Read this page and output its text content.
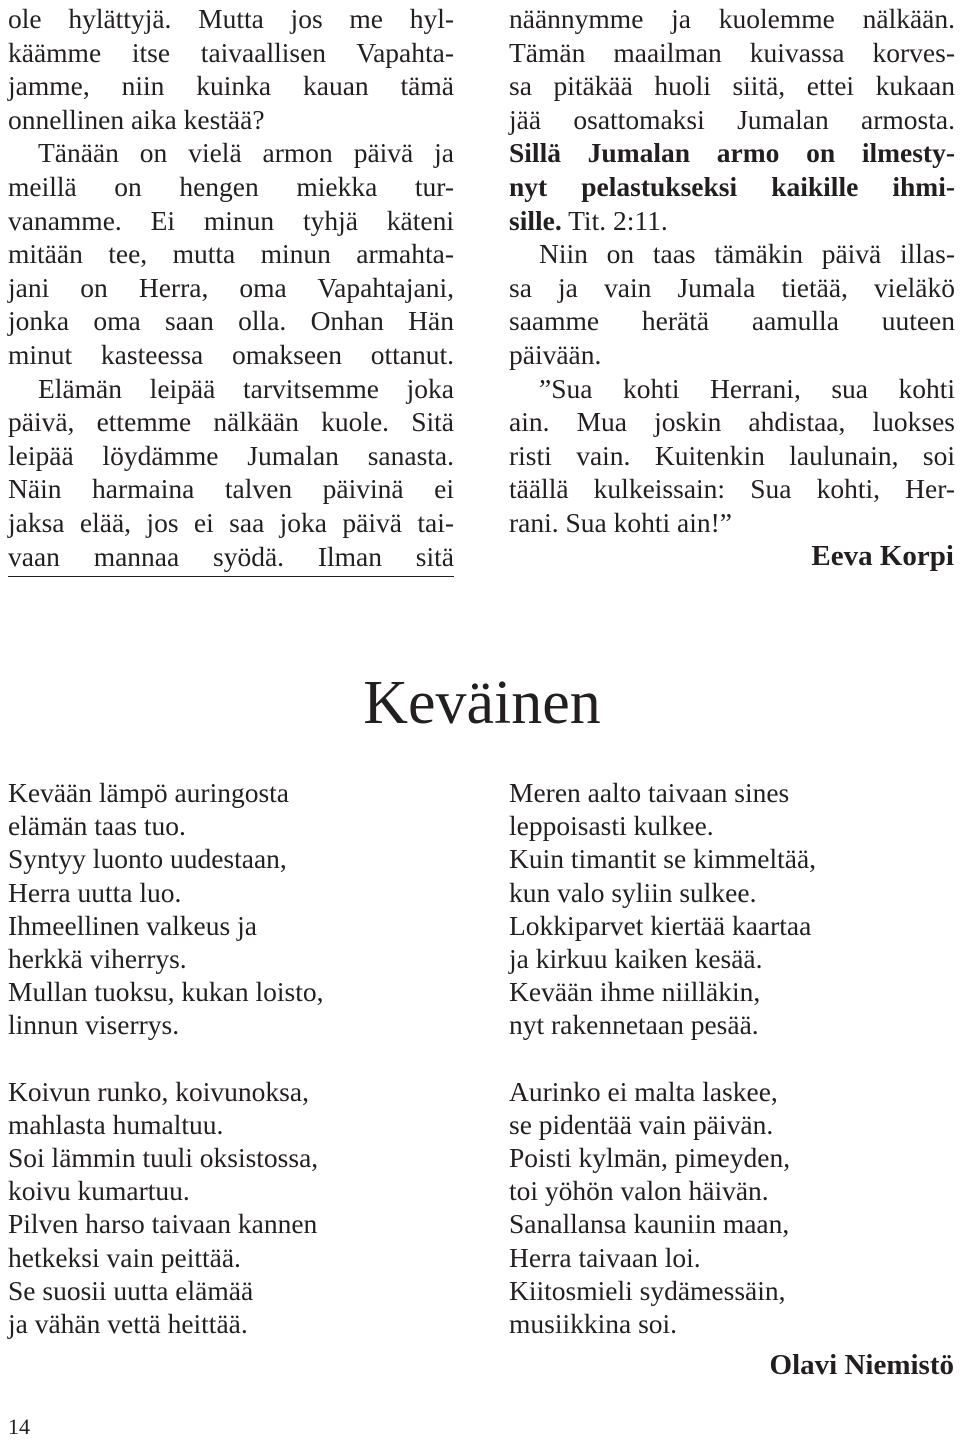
ole hylättyjä. Mutta jos me hyl-
käämme itse taivaallisen Vapahta-
jamme, niin kuinka kauan tämä
onnellinen aika kestää?
Tänään on vielä armon päivä ja
meillä on hengen miekka tur-
vanamme. Ei minun tyhjä käteni
mitään tee, mutta minun armahta-
jani on Herra, oma Vapahtajani,
jonka oma saan olla. Onhan Hän
minut kasteessa omakseen ottanut.
Elämän leipää tarvitsemme joka
päivä, ettemme nälkään kuole. Sitä
leipää löydämme Jumalan sanasta.
Näin harmaina talven päivinä ei
jaksa elää, jos ei saa joka päivä tai-
vaan mannaa syödä. Ilman sitä
näännymme ja kuolemme nälkään.
Tämän maailman kuivassa korves-
sa pitäkää huoli siitä, ettei kukaan
jää osattomaksi Jumalan armosta.
Sillä Jumalan armo on ilmesty-
nyt pelastukseksi kaikille ihmi-
sille. Tit. 2:11.
Niin on taas tämäkin päivä illas-
sa ja vain Jumala tietää, vieläkö
saamme herätä aamulla uuteen
päivään.
”Sua kohti Herrani, sua kohti
ain. Mua joskin ahdistaa, luokses
risti vain. Kuitenkin laulunain, soi
täällä kulkeissain: Sua kohti, Her-
rani. Sua kohti ain!”
Eeva Korpi
Keväinen
Kevään lämpö auringosta
elämän taas tuo.
Syntyy luonto uudestaan,
Herra uutta luo.
Ihmeellinen valkeus ja
herkkä viherrys.
Mullan tuoksu, kukan loisto,
linnun viserrys.
Koivun runko, koivunoksa,
mahlasta humaltuu.
Soi lämmin tuuli oksistossa,
koivu kumartuu.
Pilven harso taivaan kannen
hetkeksi vain peittää.
Se suosii uutta elämää
ja vähän vettä heittää.
Meren aalto taivaan sines
leppoisasti kulkee.
Kuin timantit se kimmeltää,
kun valo syliin sulkee.
Lokkiparvet kiertää kaartaa
ja kirkuu kaiken kesää.
Kevään ihme niilläkin,
nyt rakennetaan pesää.
Aurinko ei malta laskee,
se pidentää vain päivän.
Poisti kylmän, pimeyden,
toi yöhön valon häivän.
Sanallansa kauniin maan,
Herra taivaan loi.
Kiitosmieli sydämessäin,
musiikkina soi.
Olavi Niemistö
14
